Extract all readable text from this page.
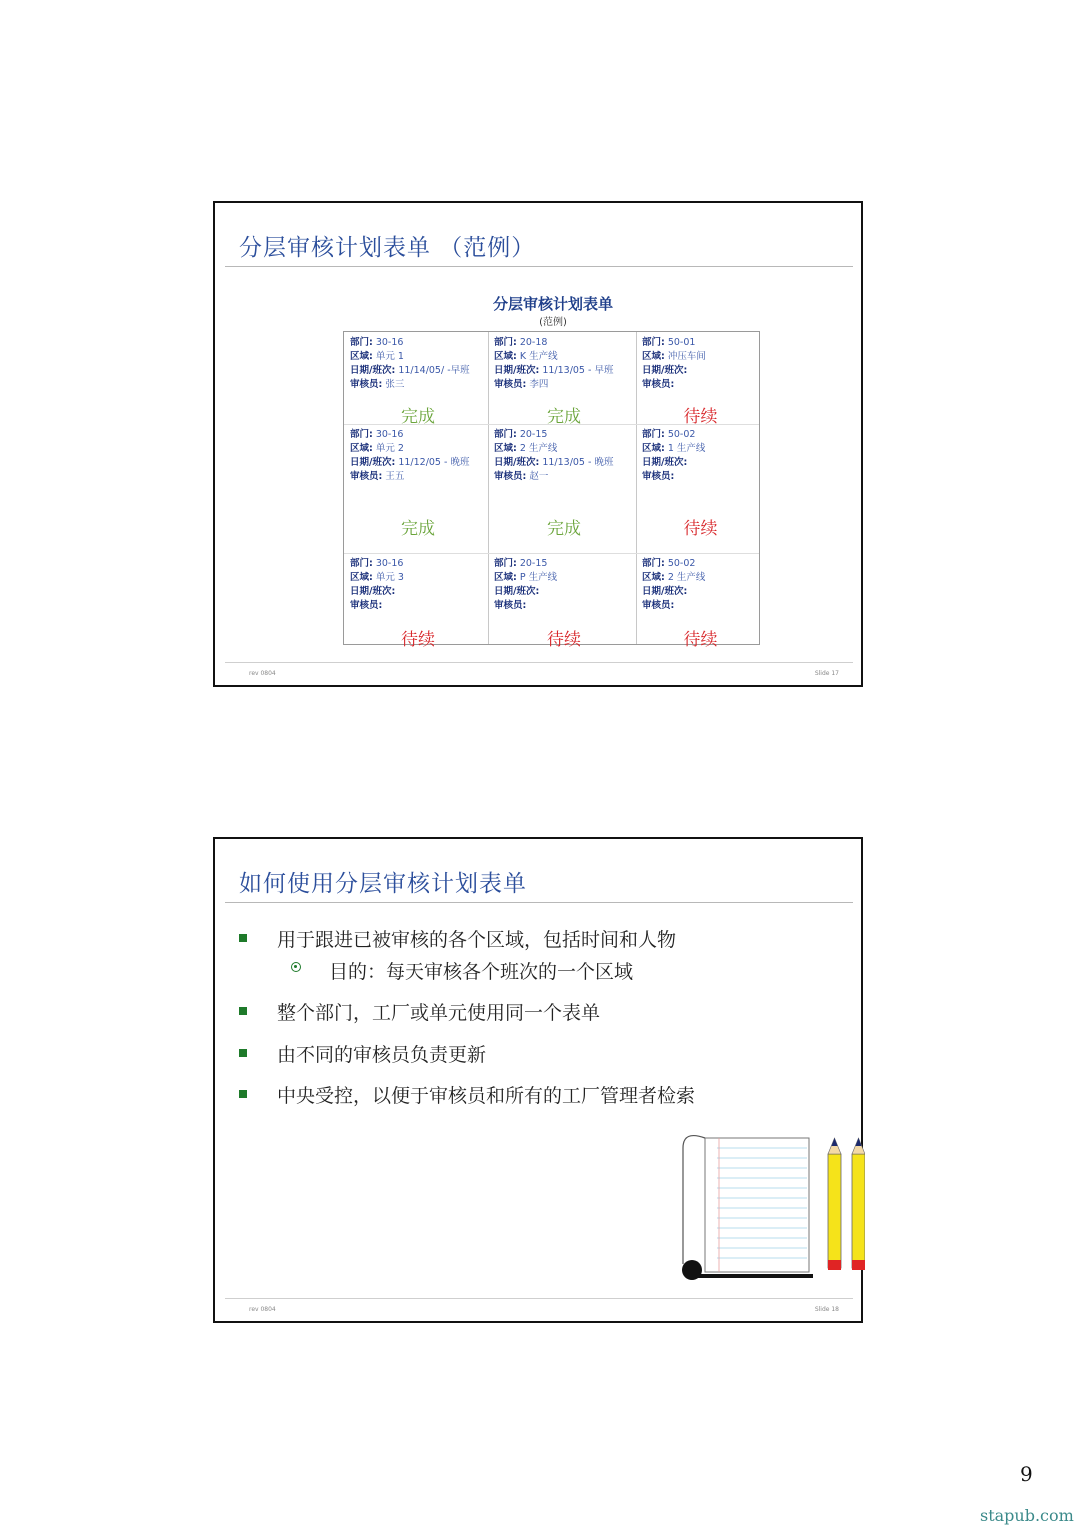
分层审核计划表单 （范例）
分层审核计划表单
(范例)
部门: 30-16
区域: 单元 1
日期/班次: 11/14/05/ -早班
审核员: 张三
完成
部门: 20-18
区域: K 生产线
日期/班次: 11/13/05 - 早班
审核员: 李四
完成
部门: 50-01
区域: 冲压车间
日期/班次:
审核员:
待续
部门: 30-16
区域: 单元 2
日期/班次: 11/12/05 - 晚班
审核员: 王五
完成
部门: 20-15
区域: 2 生产线
日期/班次: 11/13/05 - 晚班
审核员: 赵一
完成
部门: 50-02
区域: 1 生产线
日期/班次:
审核员:
待续
部门: 30-16
区域: 单元 3
日期/班次:
审核员:
待续
部门: 20-15
区域: P 生产线
日期/班次:
审核员:
待续
部门: 50-02
区域: 2 生产线
日期/班次:
审核员:
待续
rev 0804	Slide 17
如何使用分层审核计划表单
用于跟进已被审核的各个区域，包括时间和人物
目的：每天审核各个班次的一个区域
整个部门，工厂或单元使用同一个表单
由不同的审核员负责更新
中央受控，以便于审核员和所有的工厂管理者检索
rev 0804	Slide 18
9
stapub.com
